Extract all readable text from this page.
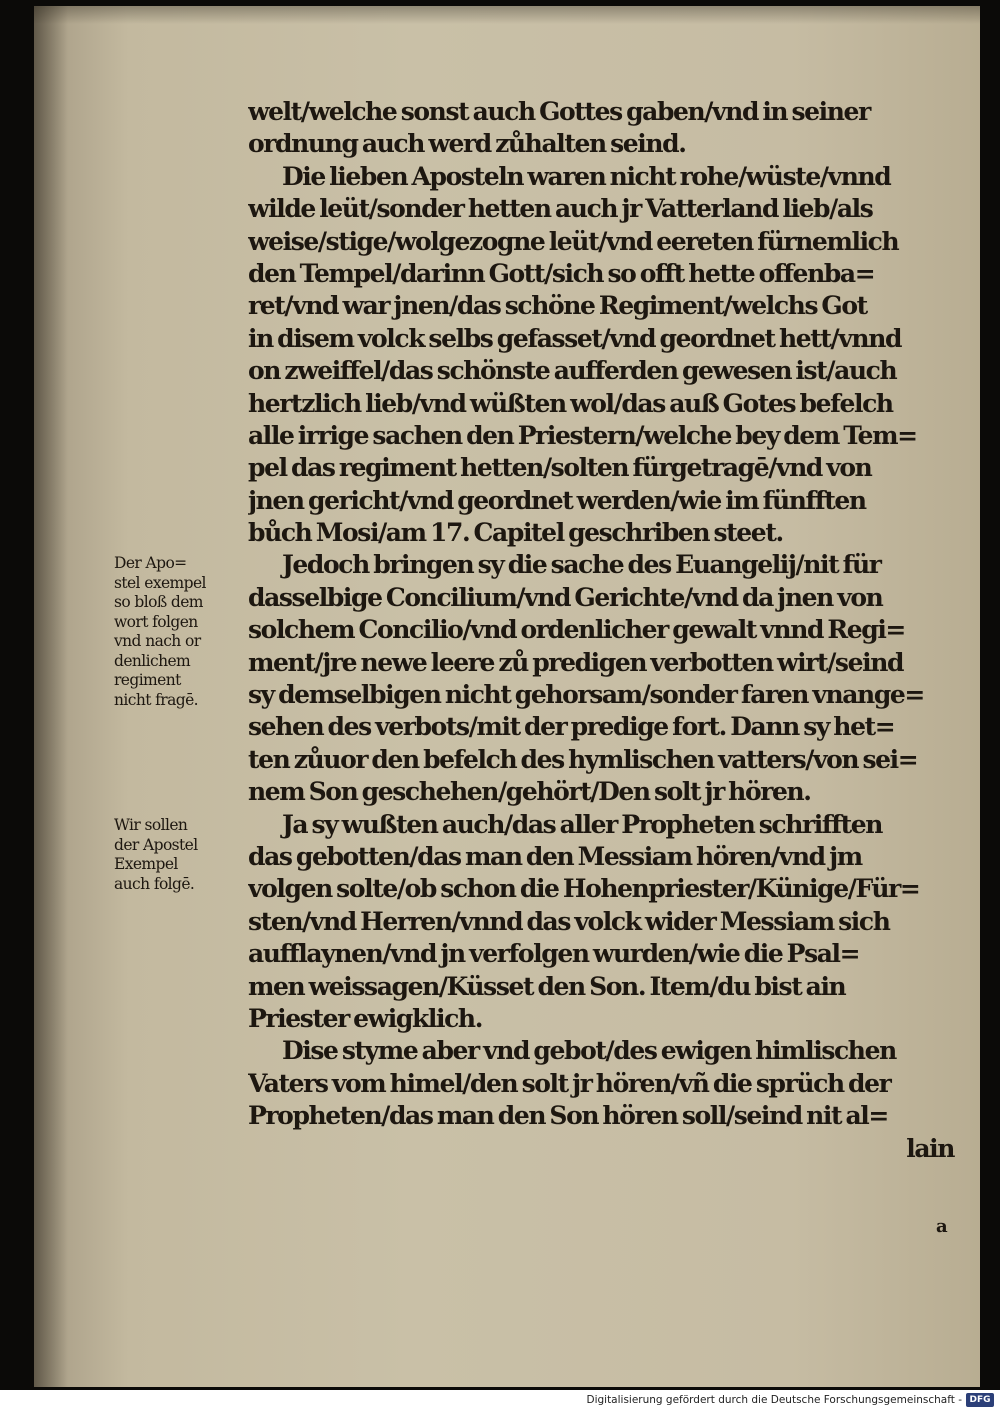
Der Apo=
stel exempel
so bloß dem
wort folgen
vnd nach or
denlichem
regiment
nicht fragē.
Wir sollen
der Apostel
Exempel
auch folgē.
welt/welche sonst auch Gottes gaben/vnd in seiner
ordnung auch werd zůhalten seind.
Die lieben Aposteln waren nicht rohe/wüste/vnnd
wilde leüt/sonder hetten auch jr Vatterland lieb/als
weise/stige/wolgezogne leüt/vnd eereten fürnemlich
den Tempel/darinn Gott/sich so offt hette offenba=
ret/vnd war jnen/das schöne Regiment/welchs Got
in disem volck selbs gefasset/vnd geordnet hett/vnnd
on zweiffel/das schönste aufferden gewesen ist/auch
hertzlich lieb/vnd wüßten wol/das auß Gotes befelch
alle irrige sachen den Priestern/welche bey dem Tem=
pel das regiment hetten/solten fürgetragē/vnd von
jnen gericht/vnd geordnet werden/wie im fünfften
bůch Mosi/am 17. Capitel geschriben steet.
Jedoch bringen sy die sache des Euangelij/nit für
dasselbige Concilium/vnd Gerichte/vnd da jnen von
solchem Concilio/vnd ordenlicher gewalt vnnd Regi=
ment/jre newe leere zů predigen verbotten wirt/seind
sy demselbigen nicht gehorsam/sonder faren vnange=
sehen des verbots/mit der predige fort. Dann sy het=
ten zůuor den befelch des hymlischen vatters/von sei=
nem Son geschehen/gehört/Den solt jr hören.
Ja sy wußten auch/das aller Propheten schrifften
das gebotten/das man den Messiam hören/vnd jm
volgen solte/ob schon die Hohenpriester/Künige/Für=
sten/vnd Herren/vnnd das volck wider Messiam sich
aufflaynen/vnd jn verfolgen wurden/wie die Psal=
men weissagen/Küsset den Son. Item/du bist ain
Priester ewigklich.
Dise styme aber vnd gebot/des ewigen himlischen
Vaters vom himel/den solt jr hören/vñ die sprüch der
Propheten/das man den Son hören soll/seind nit al=
lain
a
Digitalisierung gefördert durch die Deutsche Forschungsgemeinschaft - DFG
